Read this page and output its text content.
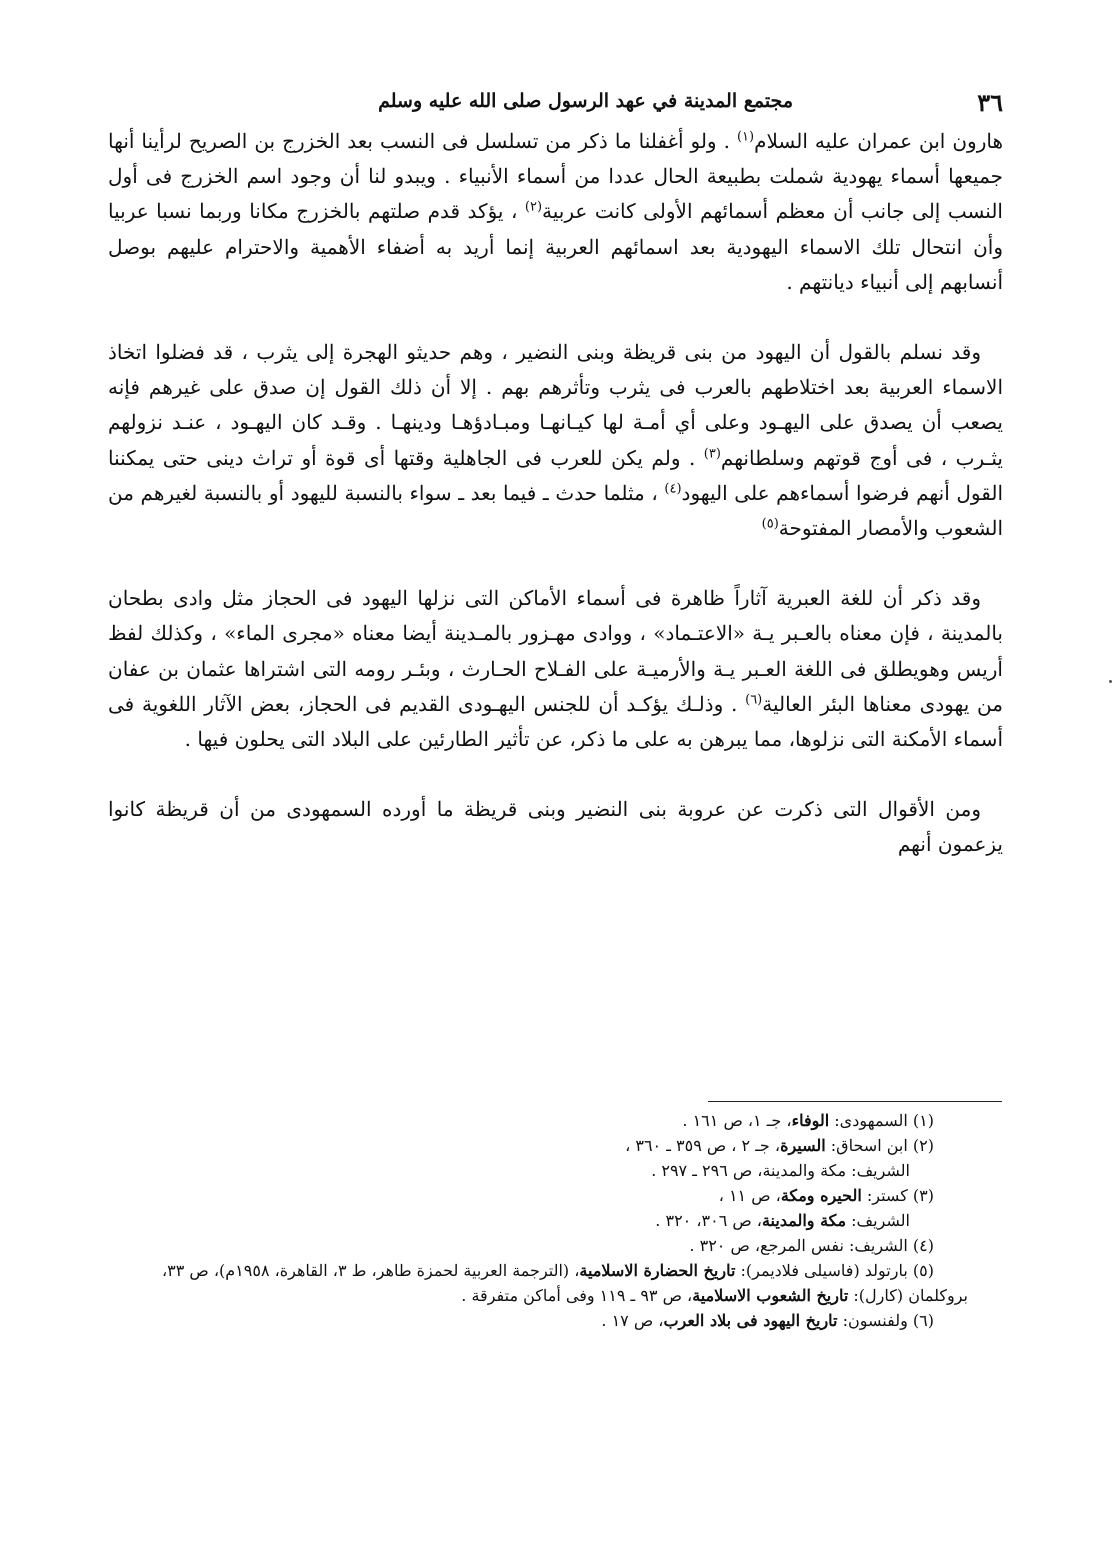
٣٦
مجتمع المدينة في عهد الرسول صلى الله عليه وسلم

هارون ابن عمران عليه السلام$^{(١)}$ . ولو أغفلنا ما ذكر من تسلسل فى النسب بعد الخزرج بن الصريح لرأينا أنها جميعها أسماء يهودية شملت بطبيعة الحال عددا من أسماء الأنبياء . ويبدو لنا أن وجود اسم الخزرج فى أول النسب إلى جانب أن معظم أسمائهم الأولى كانت عربية$^{(٢)}$ ، يؤكد قدم صلتهم بالخزرج مكانا وربما نسبا عربيا وأن انتحال تلك الاسماء اليهودية بعد اسمائهم العربية إنما أريد به أضفاء الأهمية والاحترام عليهم بوصل أنسابهم إلى أنبياء ديانتهم .

وقد نسلم بالقول أن اليهود من بنى قريظة وبنى النضير ، وهم حديثو الهجرة إلى يثرب ، قد فضلوا اتخاذ الاسماء العربية بعد اختلاطهم بالعرب فى يثرب وتأثرهم بهم . إلا أن ذلك القول إن صدق على غيرهم فإنه يصعب أن يصدق على اليهـود وعلى أي أمـة لها كيـانهـا ومبـادؤهـا ودينهـا . وقـد كان اليهـود ، عنـد نزولهم يثـرب ، فى أوج قوتهم وسلطانهم$^{(٣)}$ . ولم يكن للعرب فى الجاهلية وقتها أى قوة أو تراث دينى حتى يمكننا القول أنهم فرضوا أسماءهم على اليهود$^{(٤)}$ ، مثلما حدث ـ فيما بعد ـ سواء بالنسبة لليهود أو بالنسبة لغيرهم من الشعوب والأمصار المفتوحة$^{(٥)}$

وقد ذكر أن للغة العبرية آثاراً ظاهرة فى أسماء الأماكن التى نزلها اليهود فى الحجاز مثل وادى بطحان بالمدينة ، فإن معناه بالعـبر يـة «الاعتـماد» ، ووادى مهـزور بالمـدينة أيضا معناه «مجرى الماء» ، وكذلك لفظ أريس وهويطلق فى اللغة العـبر يـة والأرميـة على الفـلاح الحـارث ، وبئـر رومه التى اشتراها عثمان بن عفان من يهودى معناها البئر العالية$^{(٦)}$ . وذلـك يؤكـد أن للجنس اليهـودى القديم فى الحجاز، بعض الآثار اللغوية فى أسماء الأمكنة التى نزلوها، مما يبرهن به على ما ذكر، عن تأثير الطارئين على البلاد التى يحلون فيها .

ومن الأقوال التى ذكرت عن عروبة بنى النضير وبنى قريظة ما أورده السمهودى من أن قريظة كانوا يزعمون أنهم

(١) السمهودى: الوفاء، جـ ١، ص ١٦١ .

(٢) ابن اسحاق: السيرة، جـ ٢ ، ص ٣٥٩ ـ ٣٦٠ ،

الشريف: مكة والمدينة، ص ٢٩٦ ـ ٢٩٧ .

(٣) كستر: الحيره ومكة، ص ١١ ،

الشريف: مكة والمدينة، ص ٣٠٦، ٣٢٠ .

(٤) الشريف: نفس المرجع، ص ٣٢٠ .

(٥) بارتولد (فاسيلى فلاديمر): تاريخ الحضارة الاسلامية، (الترجمة العربية لحمزة طاهر، ط ٣، القاهرة، ١٩٥٨م)، ص ٣٣،

بروكلمان (كارل): تاريخ الشعوب الاسلامية، ص ٩٣ ـ ١١٩ وفى أماكن متفرقة .

(٦) ولفنسون: تاريخ اليهود فى بلاد العرب، ص ١٧ .
